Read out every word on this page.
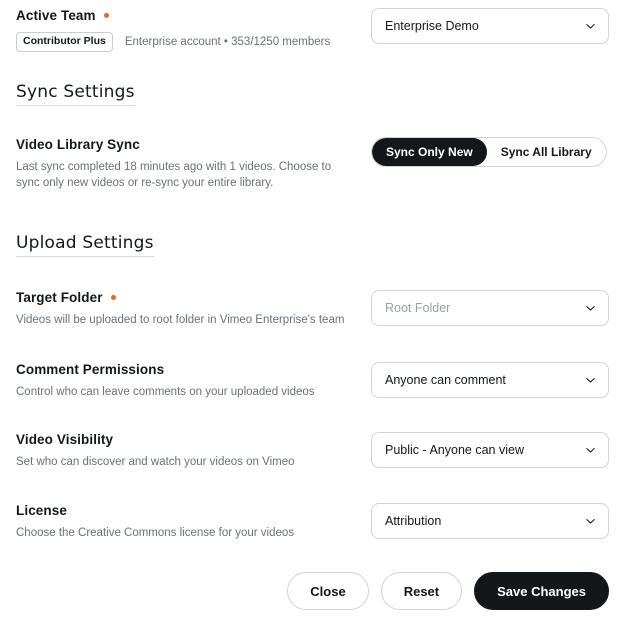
Active Team
Contributor Plus	Enterprise account • 353/1250 members
Enterprise Demo
Sync Settings
Video Library Sync
Last sync completed 18 minutes ago with 1 videos. Choose to sync only new videos or re-sync your entire library.
Sync Only New	Sync All Library
Upload Settings
Target Folder
Videos will be uploaded to root folder in Vimeo Enterprise's team
Root Folder
Comment Permissions
Control who can leave comments on your uploaded videos
Anyone can comment
Video Visibility
Set who can discover and watch your videos on Vimeo
Public - Anyone can view
License
Choose the Creative Commons license for your videos
Attribution
Close	Reset	Save Changes
